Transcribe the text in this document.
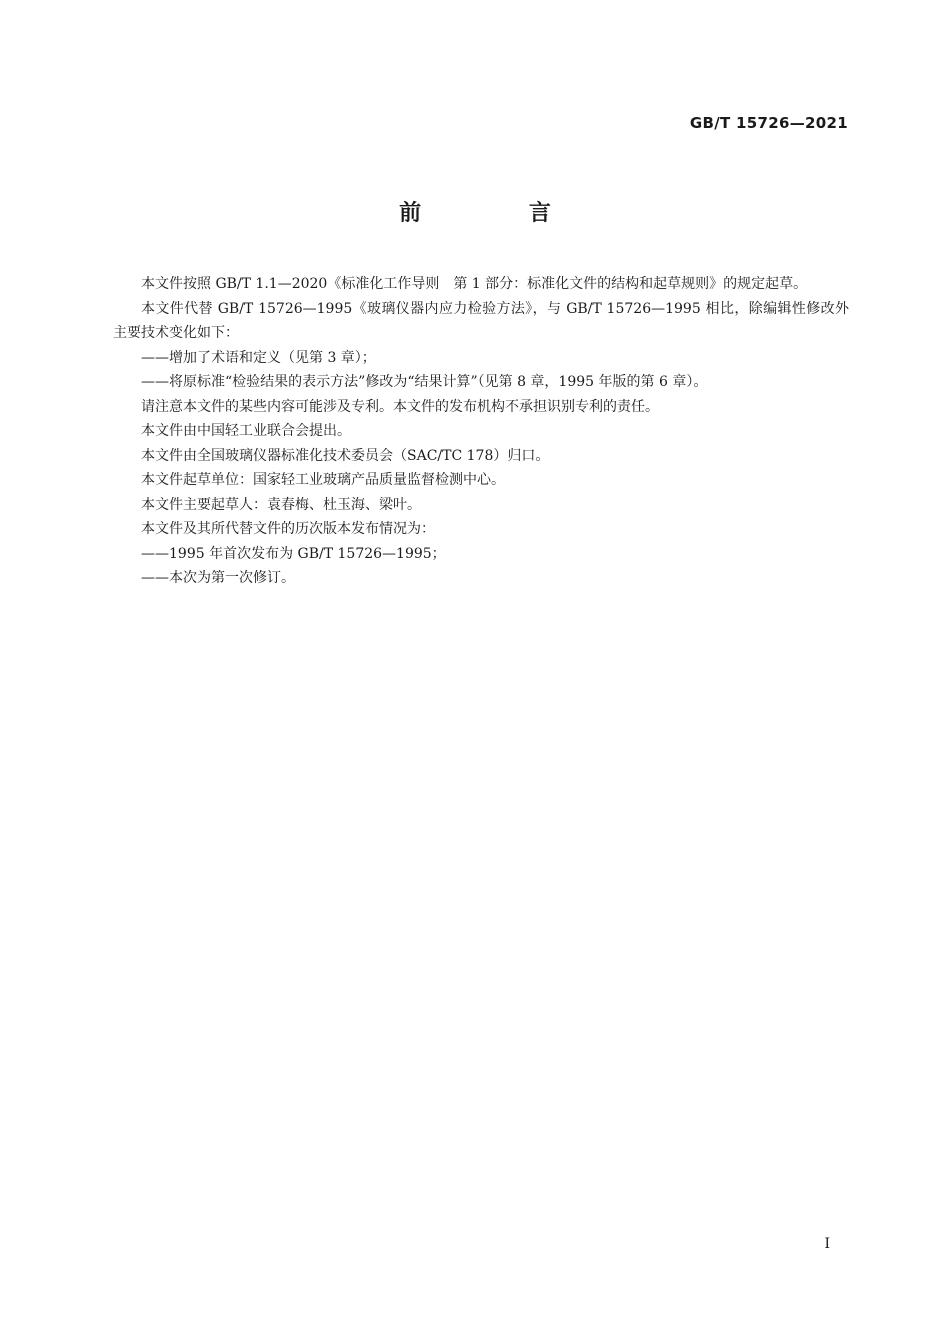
GB/T 15726—2021
前 言

本文件按照 GB/T 1.1—2020《标准化工作导则　第 1 部分：标准化文件的结构和起草规则》的规定起草。

本文件代替 GB/T 15726—1995《玻璃仪器内应力检验方法》，与 GB/T 15726—1995 相比，除编辑性修改外主要技术变化如下：

——增加了术语和定义（见第 3 章）；

——将原标准“检验结果的表示方法”修改为“结果计算”（见第 8 章，1995 年版的第 6 章）。

请注意本文件的某些内容可能涉及专利。本文件的发布机构不承担识别专利的责任。

本文件由中国轻工业联合会提出。

本文件由全国玻璃仪器标准化技术委员会（SAC/TC 178）归口。

本文件起草单位：国家轻工业玻璃产品质量监督检测中心。

本文件主要起草人：袁春梅、杜玉海、梁叶。

本文件及其所代替文件的历次版本发布情况为：

——1995 年首次发布为 GB/T 15726—1995；

——本次为第一次修订。

I
